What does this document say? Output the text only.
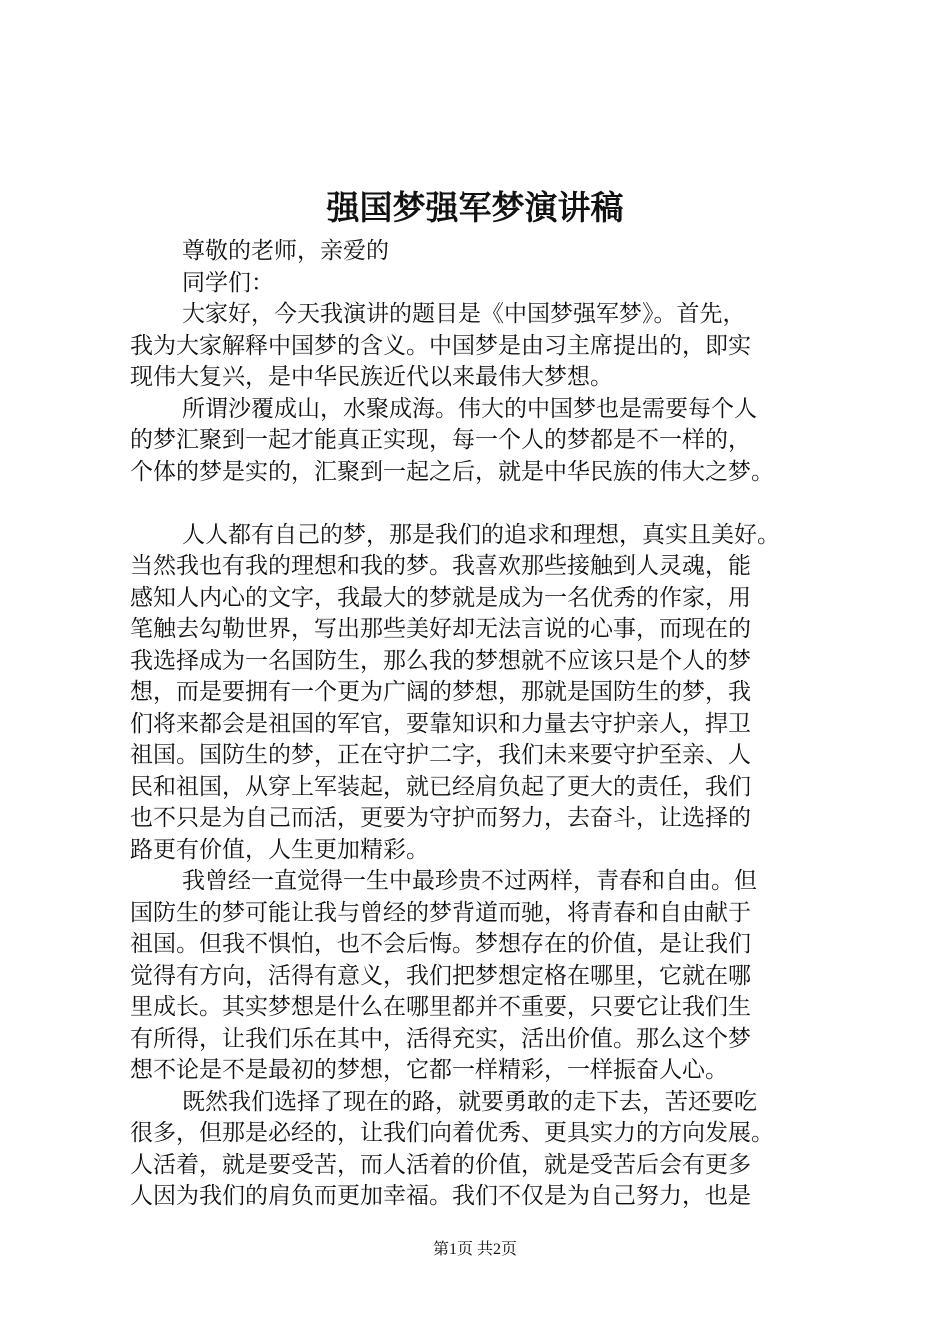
强国梦强军梦演讲稿
尊敬的老师，亲爱的
同学们：
大家好，今天我演讲的题目是《中国梦强军梦》。首先，
我为大家解释中国梦的含义。中国梦是由习主席提出的，即实
现伟大复兴，是中华民族近代以来最伟大梦想。
所谓沙覆成山，水聚成海。伟大的中国梦也是需要每个人
的梦汇聚到一起才能真正实现，每一个人的梦都是不一样的，
个体的梦是实的，汇聚到一起之后，就是中华民族的伟大之梦。
人人都有自己的梦，那是我们的追求和理想，真实且美好。
当然我也有我的理想和我的梦。我喜欢那些接触到人灵魂，能
感知人内心的文字，我最大的梦就是成为一名优秀的作家，用
笔触去勾勒世界，写出那些美好却无法言说的心事，而现在的
我选择成为一名国防生，那么我的梦想就不应该只是个人的梦
想，而是要拥有一个更为广阔的梦想，那就是国防生的梦，我
们将来都会是祖国的军官，要靠知识和力量去守护亲人，捍卫
祖国。国防生的梦，正在守护二字，我们未来要守护至亲、人
民和祖国，从穿上军装起，就已经肩负起了更大的责任，我们
也不只是为自己而活，更要为守护而努力，去奋斗，让选择的
路更有价值，人生更加精彩。
我曾经一直觉得一生中最珍贵不过两样，青春和自由。但
国防生的梦可能让我与曾经的梦背道而驰，将青春和自由献于
祖国。但我不惧怕，也不会后悔。梦想存在的价值，是让我们
觉得有方向，活得有意义，我们把梦想定格在哪里，它就在哪
里成长。其实梦想是什么在哪里都并不重要，只要它让我们生
有所得，让我们乐在其中，活得充实，活出价值。那么这个梦
想不论是不是最初的梦想，它都一样精彩，一样振奋人心。
既然我们选择了现在的路，就要勇敢的走下去，苦还要吃
很多，但那是必经的，让我们向着优秀、更具实力的方向发展。
人活着，就是要受苦，而人活着的价值，就是受苦后会有更多
人因为我们的肩负而更加幸福。我们不仅是为自己努力，也是
第1页 共2页
